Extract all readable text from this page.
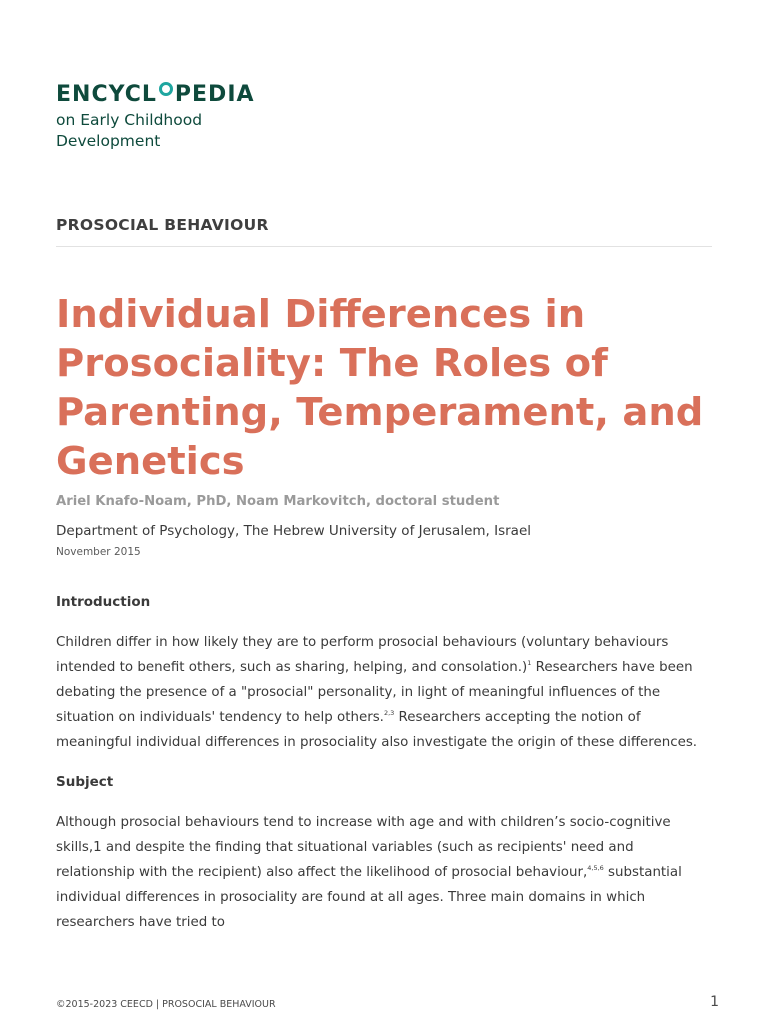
ENCYCL PEDIA
on Early Childhood
Development
PROSOCIAL BEHAVIOUR
Individual Differences in Prosociality: The Roles of Parenting, Temperament, and Genetics
Ariel Knafo-Noam, PhD, Noam Markovitch, doctoral student
Department of Psychology, The Hebrew University of Jerusalem, Israel
November 2015
Introduction

Children differ in how likely they are to perform prosocial behaviours (voluntary behaviours intended to benefit others, such as sharing, helping, and consolation.)$^1$ Researchers have been debating the presence of a "prosocial" personality, in light of meaningful influences of the situation on individuals' tendency to help others.$^{2,3}$ Researchers accepting the notion of meaningful individual differences in prosociality also investigate the origin of these differences.

Subject

Although prosocial behaviours tend to increase with age and with children’s socio-cognitive skills,1 and despite the finding that situational variables (such as recipients' need and relationship with the recipient) also affect the likelihood of prosocial behaviour,$^{4,5,6}$ substantial individual differences in prosociality are found at all ages. Three main domains in which researchers have tried to

©2015-2023 CEECD | PROSOCIAL BEHAVIOUR	1
